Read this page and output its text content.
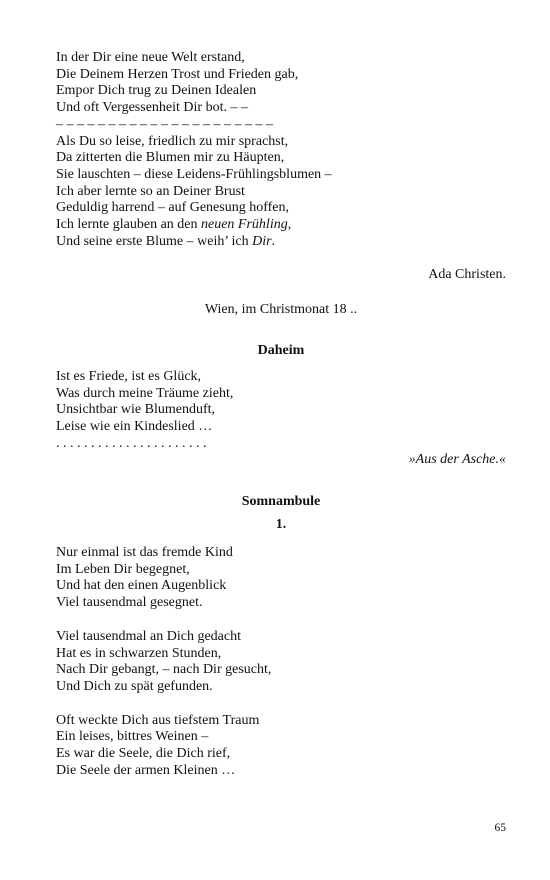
In der Dir eine neue Welt erstand,
Die Deinem Herzen Trost und Frieden gab,
Empor Dich trug zu Deinen Idealen
Und oft Vergessenheit Dir bot. – –
– – – – – – – – – – – – – – – – – – – – –
Als Du so leise, friedlich zu mir sprachst,
Da zitterten die Blumen mir zu Häupten,
Sie lauschten – diese Leidens-Frühlingsblumen –
Ich aber lernte so an Deiner Brust
Geduldig harrend – auf Genesung hoffen,
Ich lernte glauben an den neuen Frühling,
Und seine erste Blume – weih’ ich Dir.
Ada Christen.
Wien, im Christmonat 18 ..
Daheim
Ist es Friede, ist es Glück,
Was durch meine Träume zieht,
Unsichtbar wie Blumenduft,
Leise wie ein Kindeslied …
. . . . . . . . . . . . . . . . . . . . . .
»Aus der Asche.«
Somnambule
1.
Nur einmal ist das fremde Kind
Im Leben Dir begegnet,
Und hat den einen Augenblick
Viel tausendmal gesegnet.
Viel tausendmal an Dich gedacht
Hat es in schwarzen Stunden,
Nach Dir gebangt, – nach Dir gesucht,
Und Dich zu spät gefunden.
Oft weckte Dich aus tiefstem Traum
Ein leises, bittres Weinen –
Es war die Seele, die Dich rief,
Die Seele der armen Kleinen …
65
